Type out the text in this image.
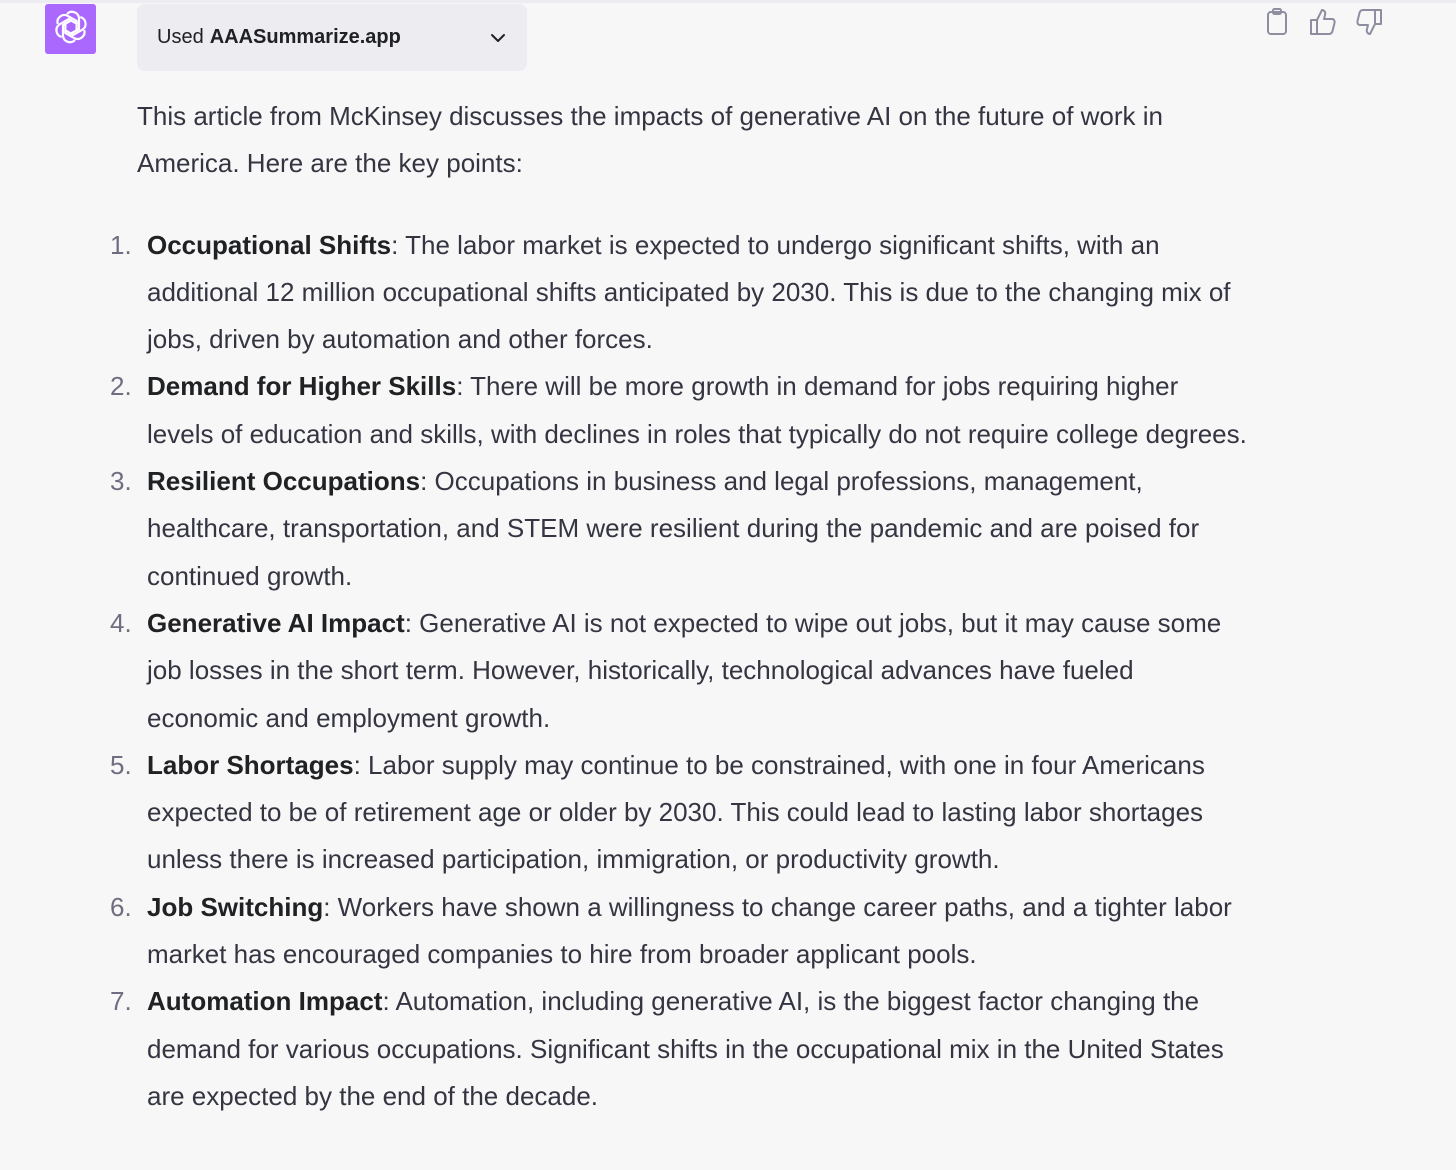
Used AAASummarize.app

This article from McKinsey discusses the impacts of generative AI on the future of work in America. Here are the key points:

1. Occupational Shifts: The labor market is expected to undergo significant shifts, with an additional 12 million occupational shifts anticipated by 2030. This is due to the changing mix of jobs, driven by automation and other forces.
2. Demand for Higher Skills: There will be more growth in demand for jobs requiring higher levels of education and skills, with declines in roles that typically do not require college degrees.
3. Resilient Occupations: Occupations in business and legal professions, management, healthcare, transportation, and STEM were resilient during the pandemic and are poised for continued growth.
4. Generative AI Impact: Generative AI is not expected to wipe out jobs, but it may cause some job losses in the short term. However, historically, technological advances have fueled economic and employment growth.
5. Labor Shortages: Labor supply may continue to be constrained, with one in four Americans expected to be of retirement age or older by 2030. This could lead to lasting labor shortages unless there is increased participation, immigration, or productivity growth.
6. Job Switching: Workers have shown a willingness to change career paths, and a tighter labor market has encouraged companies to hire from broader applicant pools.
7. Automation Impact: Automation, including generative AI, is the biggest factor changing the demand for various occupations. Significant shifts in the occupational mix in the United States are expected by the end of the decade.
